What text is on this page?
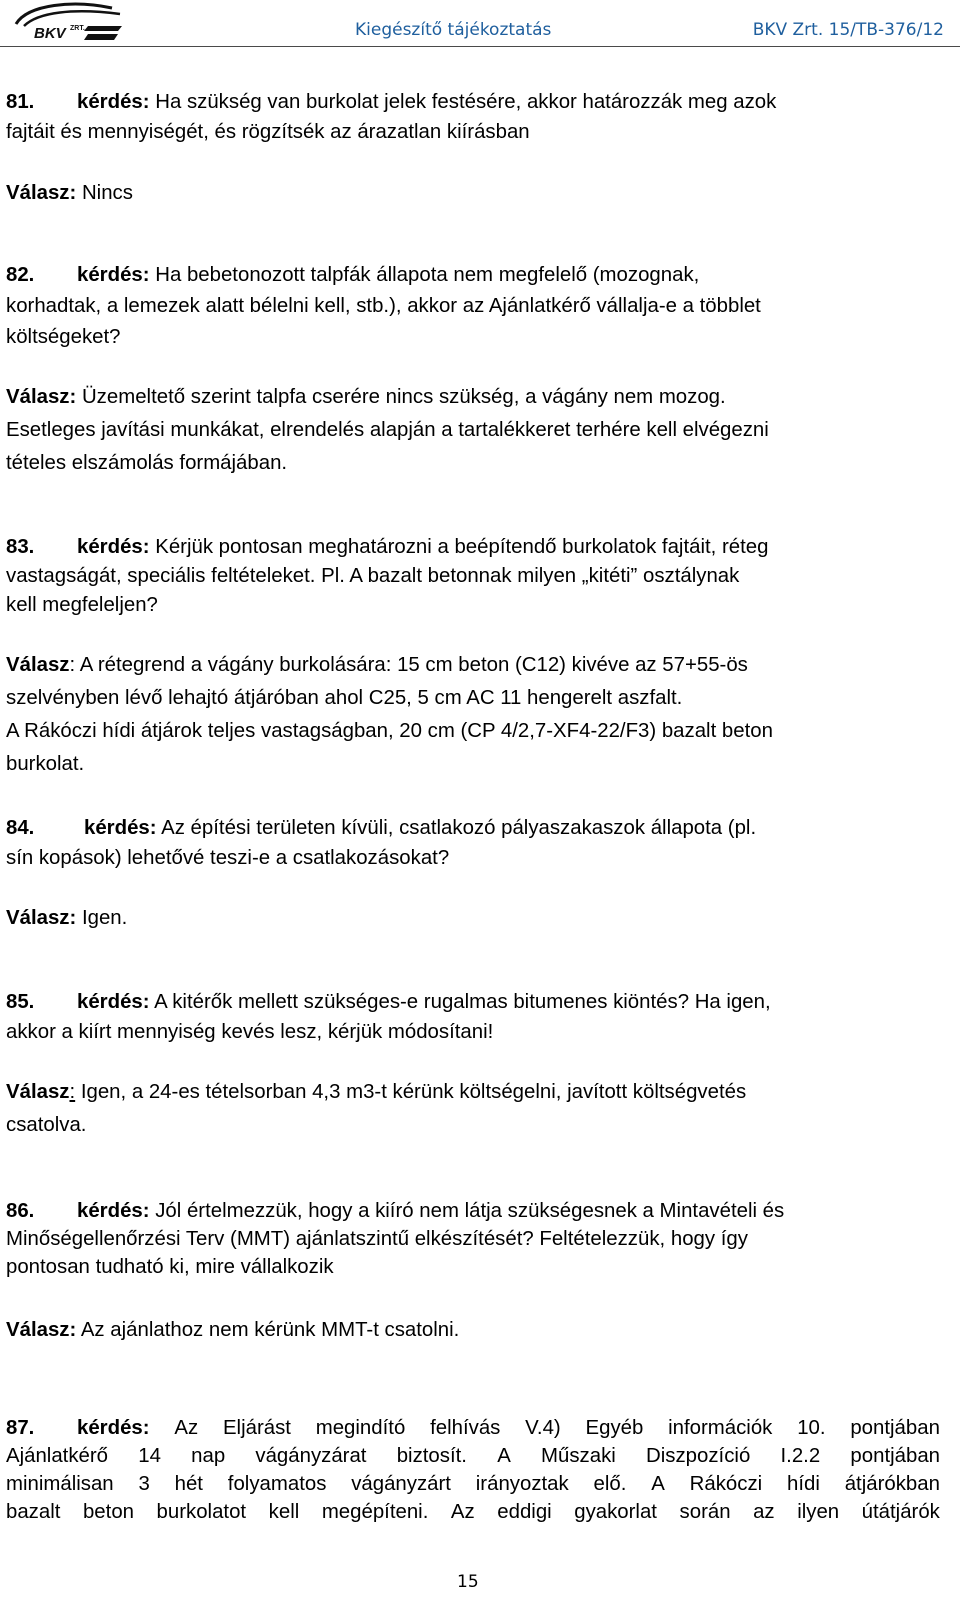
BKV ZRT.	Kiegészítő tájékoztatás	BKV Zrt. 15/TB-376/12
81. kérdés: Ha szükség van burkolat jelek festésére, akkor határozzák meg azok
fajtáit és mennyiségét, és rögzítsék az árazatlan kiírásban
Válasz: Nincs
82. kérdés: Ha bebetonozott talpfák állapota nem megfelelő (mozognak,
korhadtak, a lemezek alatt bélelni kell, stb.), akkor az Ajánlatkérő vállalja-e a többlet
költségeket?
Válasz: Üzemeltető szerint talpfa cserére nincs szükség, a vágány nem mozog.
Esetleges javítási munkákat, elrendelés alapján a tartalékkeret terhére kell elvégezni
tételes elszámolás formájában.
83. kérdés: Kérjük pontosan meghatározni a beépítendő burkolatok fajtáit, réteg
vastagságát, speciális feltételeket. Pl. A bazalt betonnak milyen „kitéti” osztálynak
kell megfeleljen?
Válasz: A rétegrend a vágány burkolására: 15 cm beton (C12) kivéve az 57+55-ös
szelvényben lévő lehajtó átjáróban ahol C25, 5 cm AC 11 hengerelt aszfalt.
A Rákóczi hídi átjárok teljes vastagságban, 20 cm (CP 4/2,7-XF4-22/F3) bazalt beton
burkolat.
84. kérdés: Az építési területen kívüli, csatlakozó pályaszakaszok állapota (pl.
sín kopások) lehetővé teszi-e a csatlakozásokat?
Válasz: Igen.
85. kérdés: A kitérők mellett szükséges-e rugalmas bitumenes kiöntés? Ha igen,
akkor a kiírt mennyiség kevés lesz, kérjük módosítani!
Válasz: Igen, a 24-es tételsorban 4,3 m3-t kérünk költségelni, javított költségvetés
csatolva.
86. kérdés: Jól értelmezzük, hogy a kiíró nem látja szükségesnek a Mintavételi és
Minőségellenőrzési Terv (MMT) ajánlatszintű elkészítését? Feltételezzük, hogy így
pontosan tudható ki, mire vállalkozik
Válasz: Az ajánlathoz nem kérünk MMT-t csatolni.
87.	kérdés: Az Eljárást megindító felhívás V.4) Egyéb információk 10. pontjában
Ajánlatkérő 14 nap vágányzárat biztosít. A Műszaki Diszpozíció I.2.2 pontjában
minimálisan 3 hét folyamatos vágányzárt irányoztak elő. A Rákóczi hídi átjárókban
bazalt beton burkolatot kell megépíteni. Az eddigi gyakorlat során az ilyen útátjárók
15
